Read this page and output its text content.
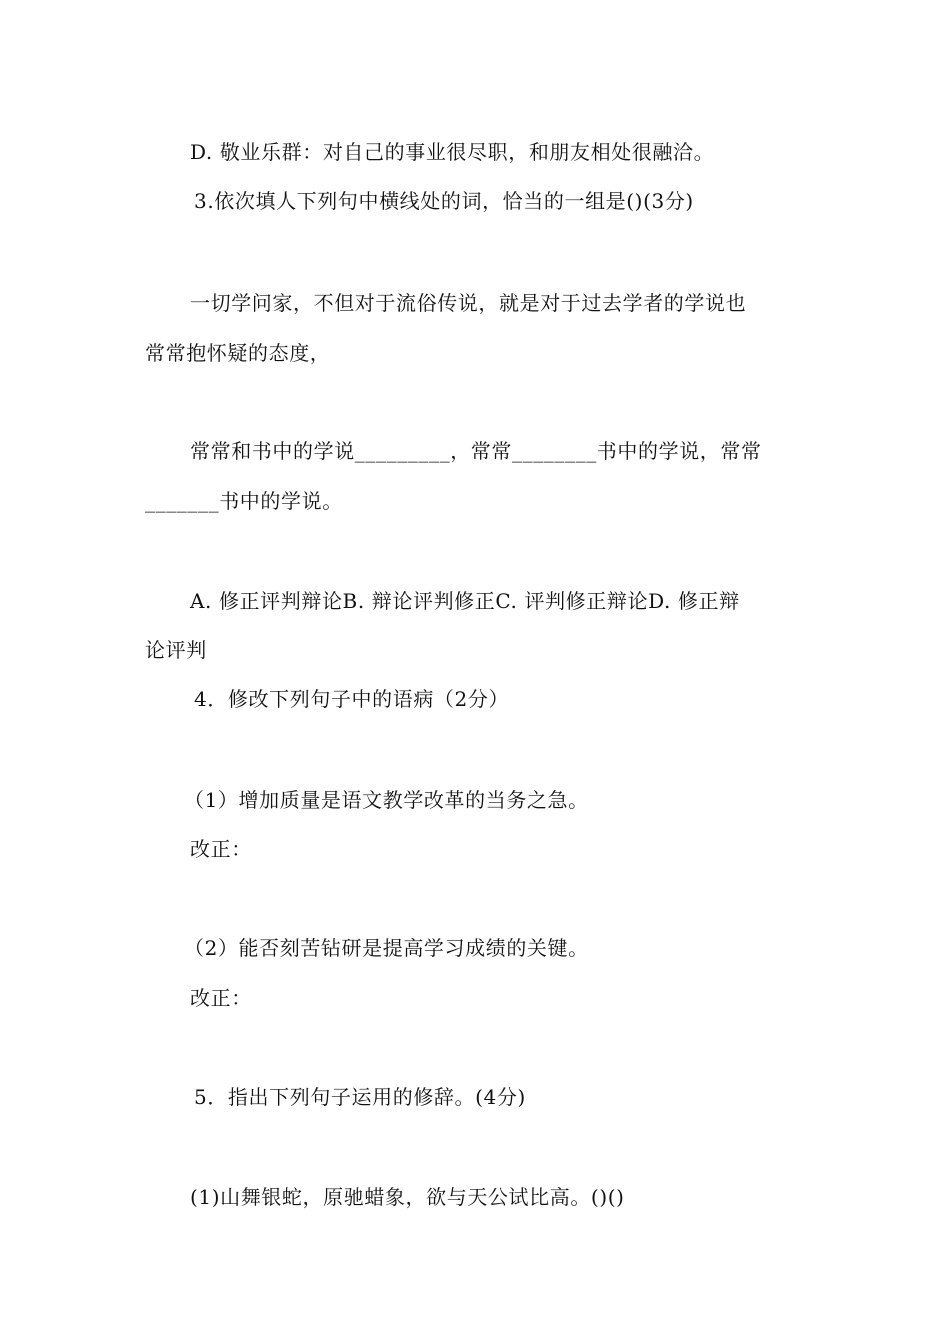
D. 敬业乐群：对自己的事业很尽职，和朋友相处很融洽。
3.依次填人下列句中横线处的词，恰当的一组是()(3分)
一切学问家，不但对于流俗传说，就是对于过去学者的学说也
常常抱怀疑的态度，
常常和书中的学说_________，常常________书中的学说，常常
_______书中的学说。
A. 修正评判辩论B. 辩论评判修正C. 评判修正辩论D. 修正辩
论评判
4．修改下列句子中的语病（2分）
（1）增加质量是语文教学改革的当务之急。
改正：
（2）能否刻苦钻研是提高学习成绩的关键。
改正：
5．指出下列句子运用的修辞。(4分)
(1)山舞银蛇，原驰蜡象，欲与天公试比高。()()
